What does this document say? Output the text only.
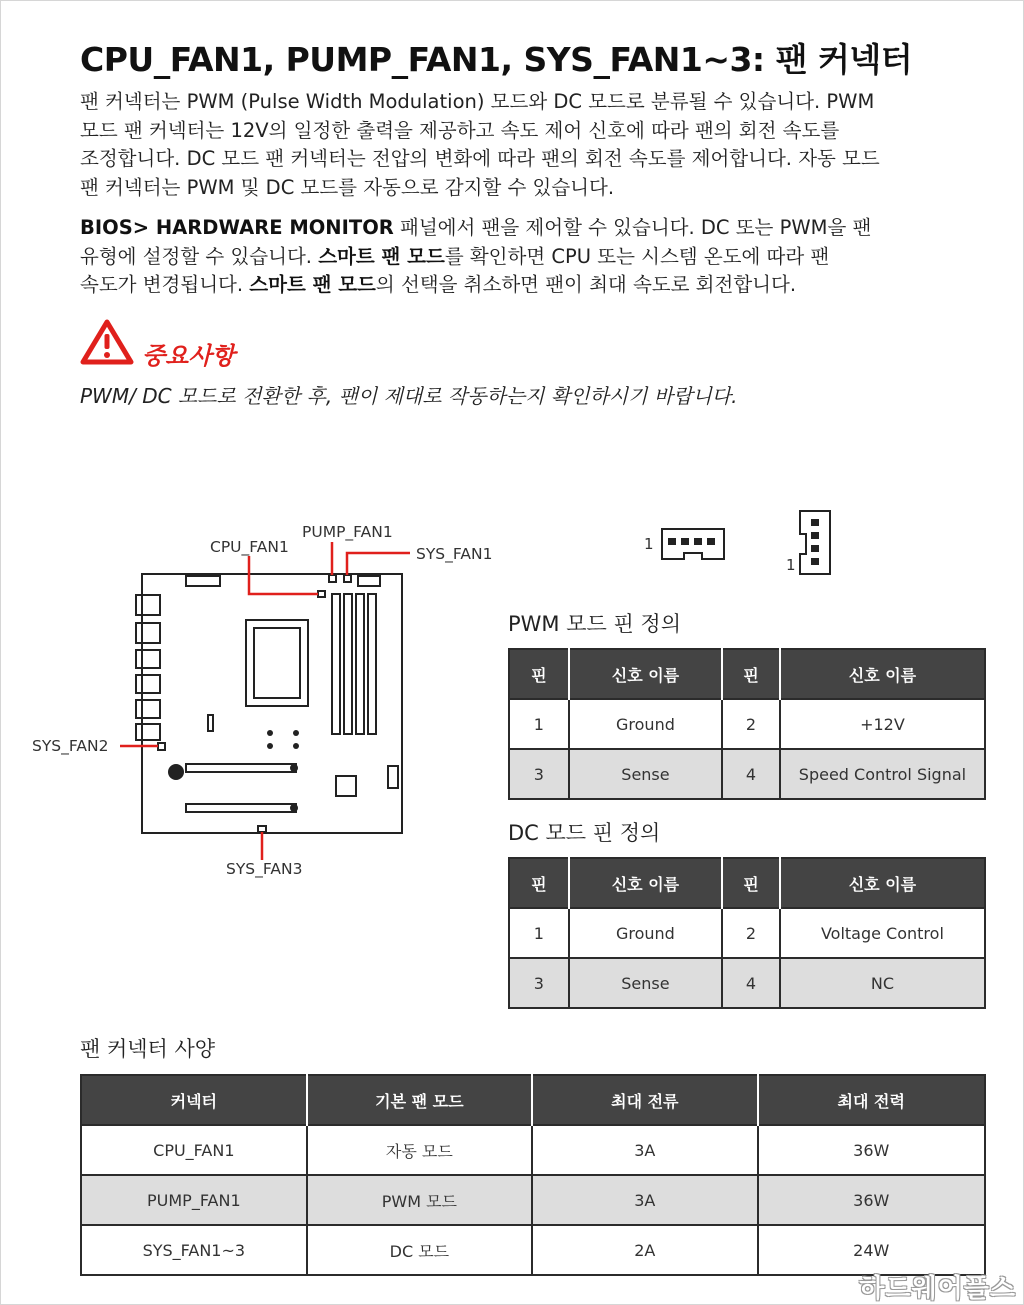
CPU_FAN1, PUMP_FAN1, SYS_FAN1~3: 팬 커넥터
팬 커넥터는 PWM (Pulse Width Modulation) 모드와 DC 모드로 분류될 수 있습니다. PWM
모드 팬 커넥터는 12V의 일정한 출력을 제공하고 속도 제어 신호에 따라 팬의 회전 속도를
조정합니다. DC 모드 팬 커넥터는 전압의 변화에 따라 팬의 회전 속도를 제어합니다. 자동 모드
팬 커넥터는 PWM 및 DC 모드를 자동으로 감지할 수 있습니다.
BIOS> HARDWARE MONITOR 패널에서 팬을 제어할 수 있습니다. DC 또는 PWM을 팬
유형에 설정할 수 있습니다. 스마트 팬 모드를 확인하면 CPU 또는 시스템 온도에 따라 팬
속도가 변경됩니다. 스마트 팬 모드의 선택을 취소하면 팬이 최대 속도로 회전합니다.
중요사항
PWM/ DC 모드로 전환한 후, 팬이 제대로 작동하는지 확인하시기 바랍니다.
PUMP_FAN1
CPU_FAN1	SYS_FAN1
SYS_FAN2
SYS_FAN3
1
1
PWM 모드 핀 정의
핀	신호 이름	핀	신호 이름
1	Ground	2	+12V
3	Sense	4	Speed Control Signal
DC 모드 핀 정의
핀	신호 이름	핀	신호 이름
1	Ground	2	Voltage Control
3	Sense	4	NC
팬 커넥터 사양
커넥터	기본 팬 모드	최대 전류	최대 전력
CPU_FAN1	자동 모드	3A	36W
PUMP_FAN1	PWM 모드	3A	36W
SYS_FAN1~3	DC 모드	2A	24W
하드웨어플스
